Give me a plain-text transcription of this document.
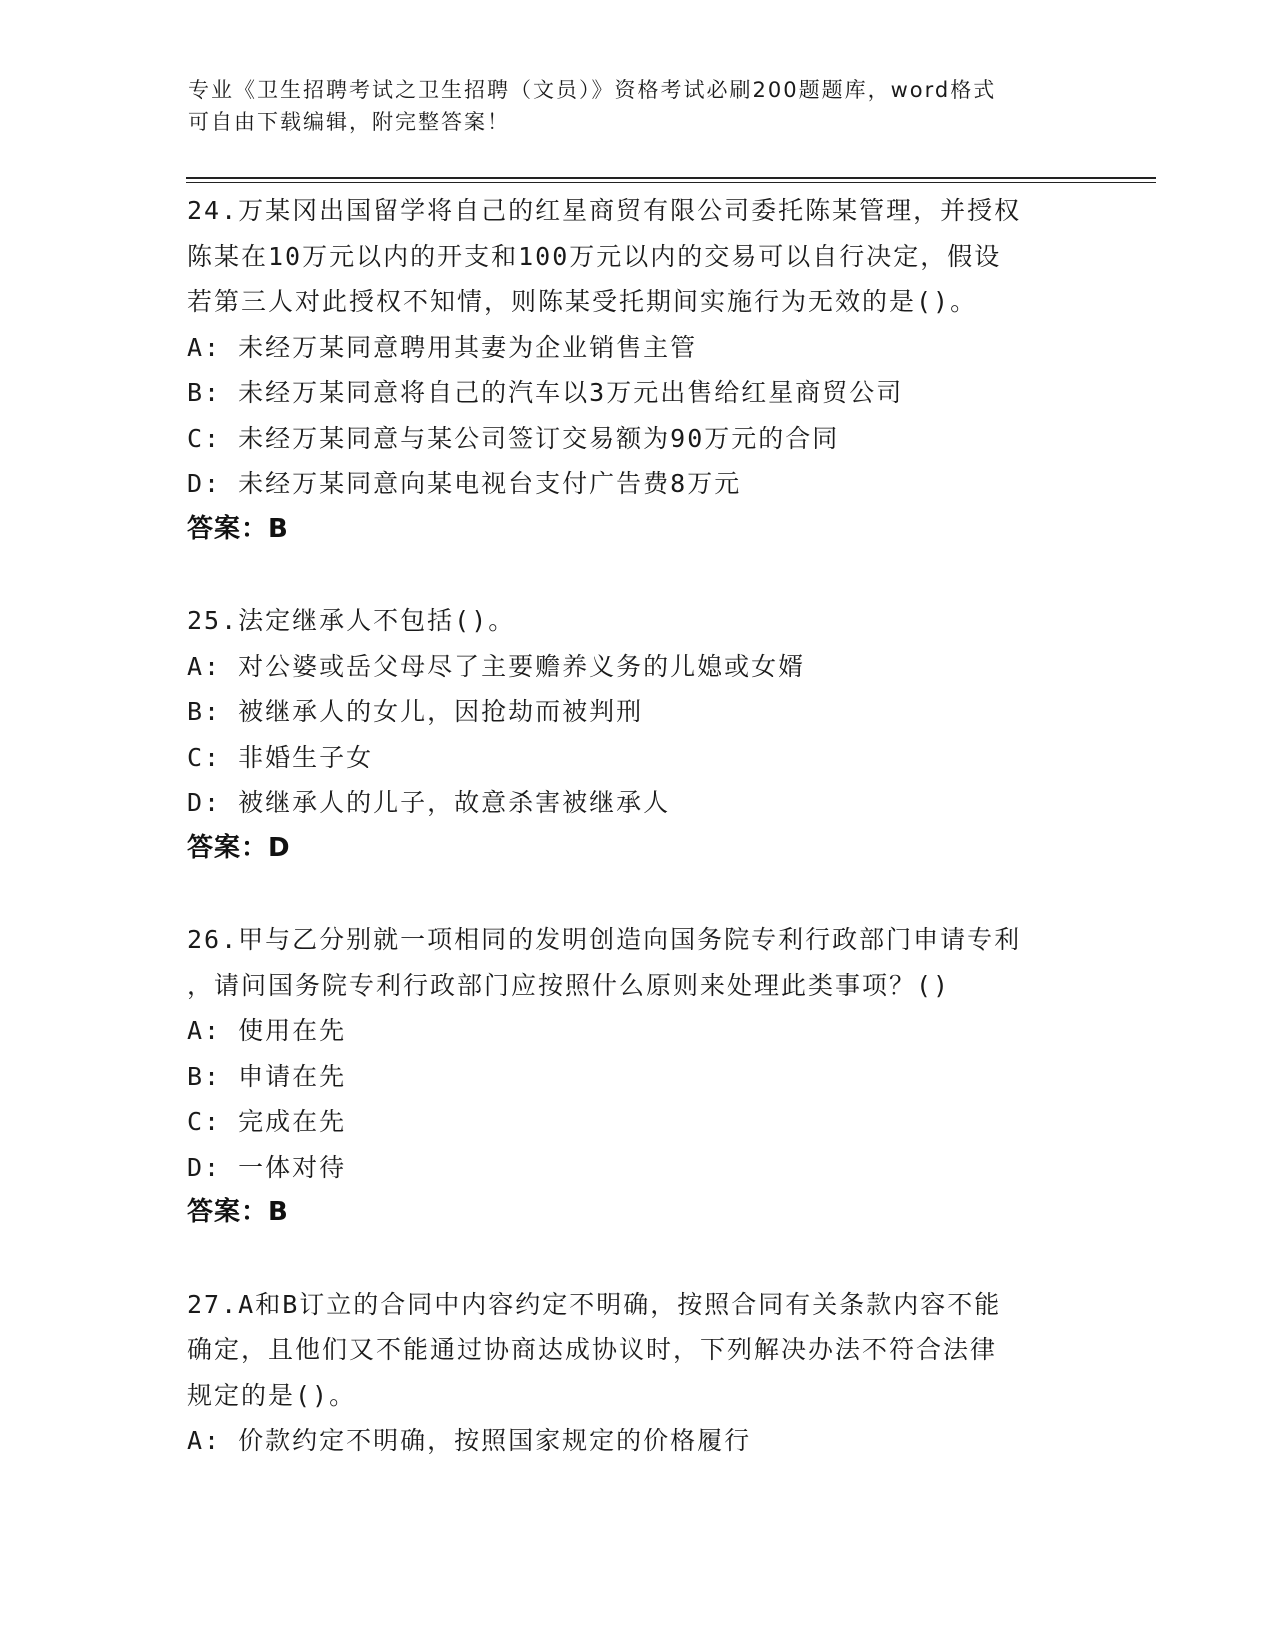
专业《卫生招聘考试之卫生招聘（文员）》资格考试必刷200题题库，word格式
可自由下载编辑，附完整答案！
24.万某冈出国留学将自己的红星商贸有限公司委托陈某管理，并授权
陈某在10万元以内的开支和100万元以内的交易可以自行决定，假设
若第三人对此授权不知情，则陈某受托期间实施行为无效的是()。
A: 未经万某同意聘用其妻为企业销售主管
B: 未经万某同意将自己的汽车以3万元出售给红星商贸公司
C: 未经万某同意与某公司签订交易额为90万元的合同
D: 未经万某同意向某电视台支付广告费8万元
答案：B
25.法定继承人不包括()。
A: 对公婆或岳父母尽了主要赡养义务的儿媳或女婿
B: 被继承人的女儿，因抢劫而被判刑
C: 非婚生子女
D: 被继承人的儿子，故意杀害被继承人
答案：D
26.甲与乙分别就一项相同的发明创造向国务院专利行政部门申请专利
，请问国务院专利行政部门应按照什么原则来处理此类事项？()
A: 使用在先
B: 申请在先
C: 完成在先
D: 一体对待
答案：B
27.A和B订立的合同中内容约定不明确，按照合同有关条款内容不能
确定，且他们又不能通过协商达成协议时，下列解决办法不符合法律
规定的是()。
A: 价款约定不明确，按照国家规定的价格履行
